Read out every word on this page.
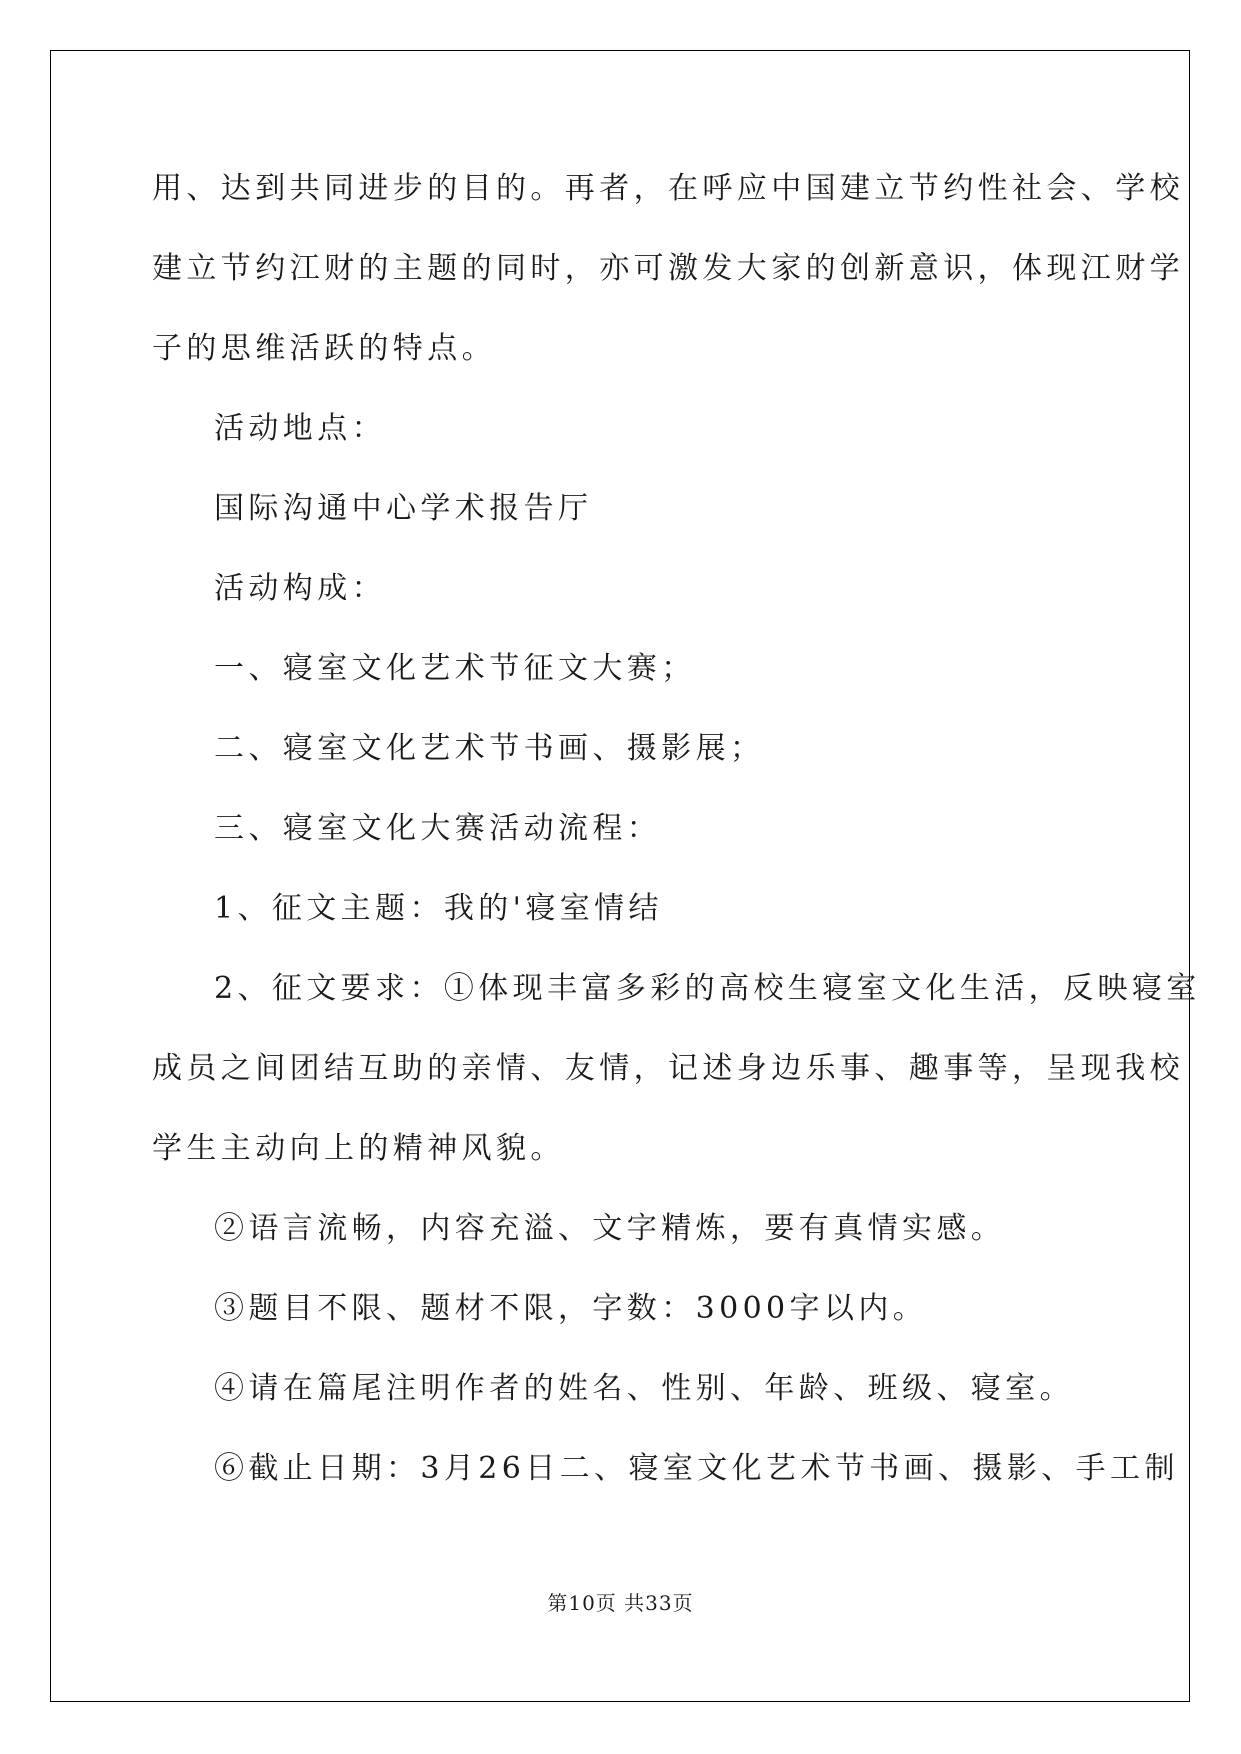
用、达到共同进步的目的。再者，在呼应中国建立节约性社会、学校
建立节约江财的主题的同时，亦可激发大家的创新意识，体现江财学
子的思维活跃的特点。
活动地点：
国际沟通中心学术报告厅
活动构成：
一、寝室文化艺术节征文大赛；
二、寝室文化艺术节书画、摄影展；
三、寝室文化大赛活动流程：
1、征文主题：我的'寝室情结
2、征文要求：①体现丰富多彩的高校生寝室文化生活，反映寝室
成员之间团结互助的亲情、友情，记述身边乐事、趣事等，呈现我校
学生主动向上的精神风貌。
②语言流畅，内容充溢、文字精炼，要有真情实感。
③题目不限、题材不限，字数：3000字以内。
④请在篇尾注明作者的姓名、性别、年龄、班级、寝室。
⑥截止日期：3月26日二、寝室文化艺术节书画、摄影、手工制
第10页 共33页
